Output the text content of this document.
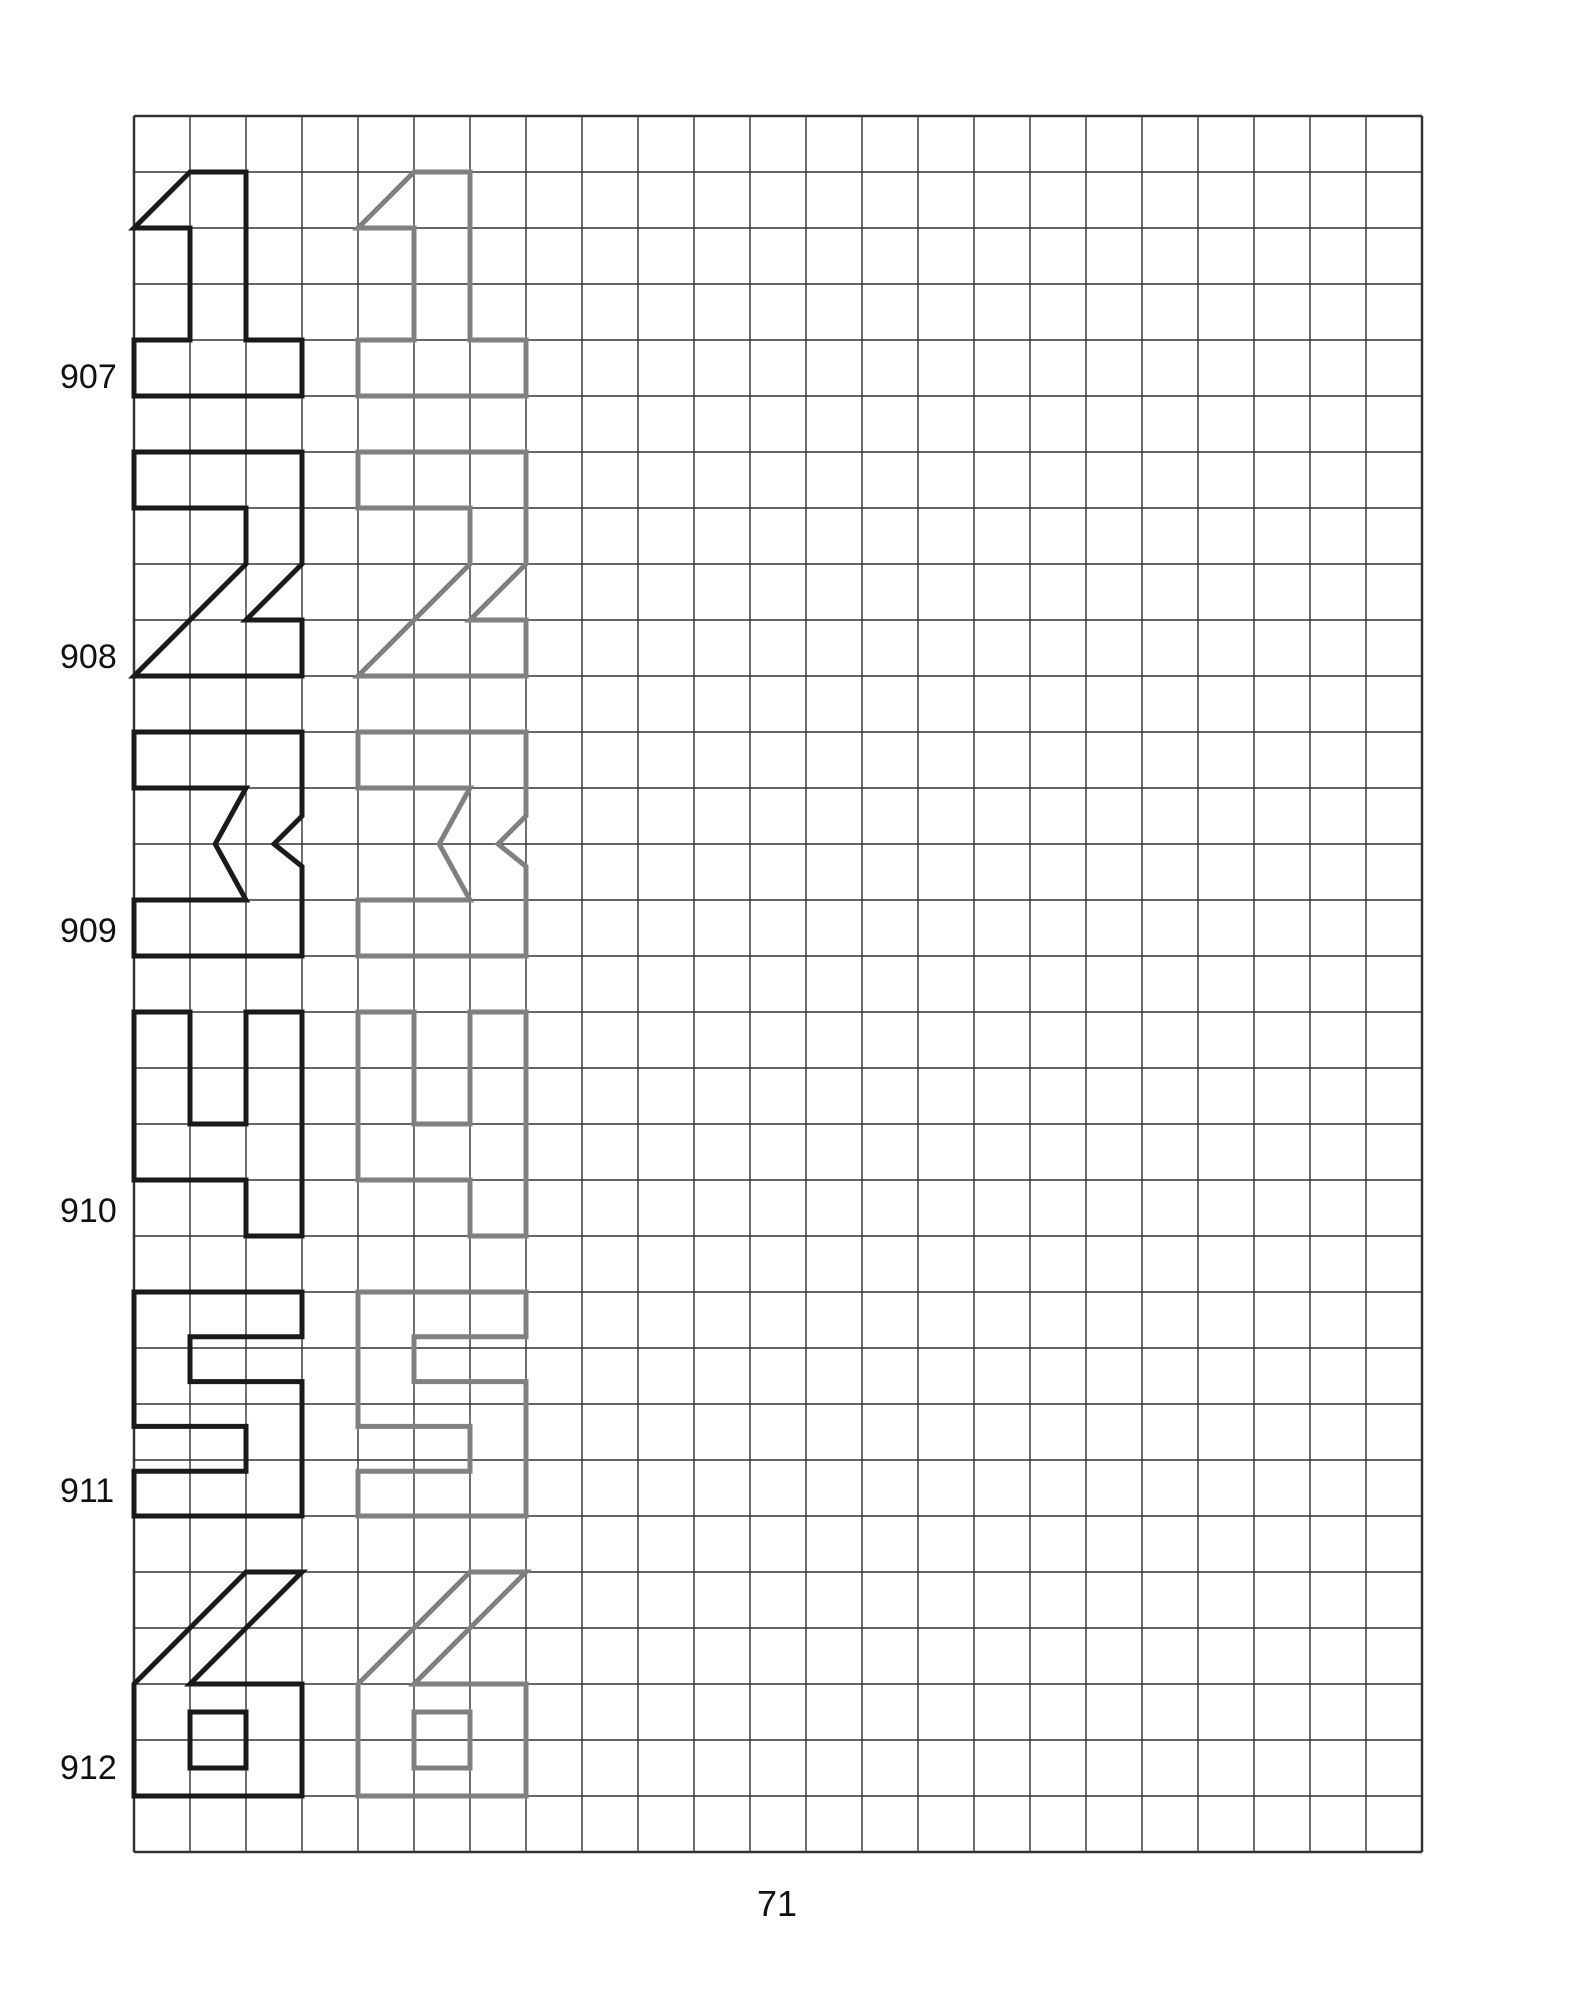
907
908
909
910
911
912
71
